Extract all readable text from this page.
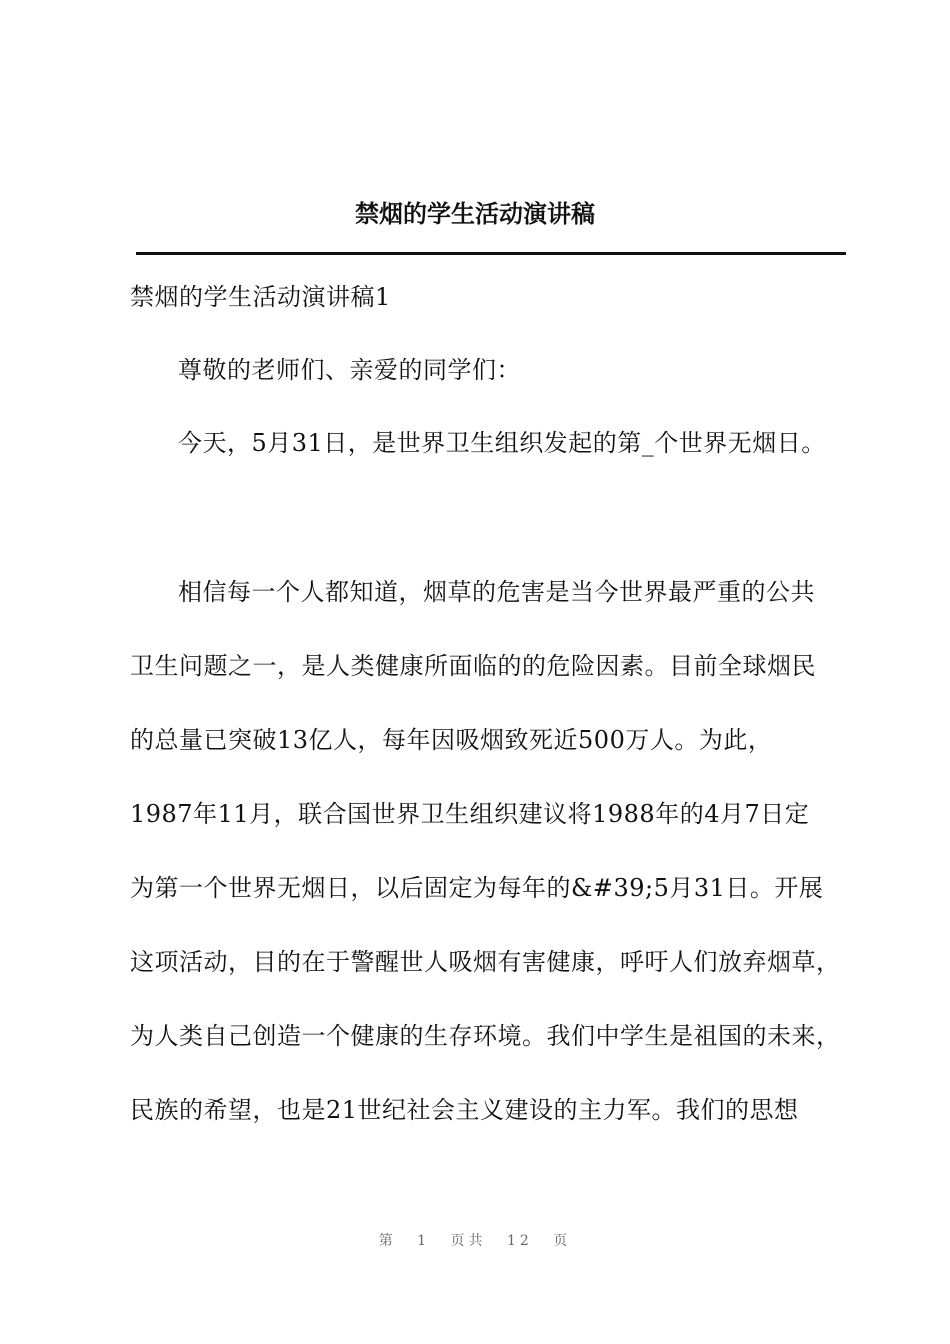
禁烟的学生活动演讲稿
禁烟的学生活动演讲稿1
尊敬的老师们、亲爱的同学们：
今天，5月31日，是世界卫生组织发起的第_个世界无烟日。
相信每一个人都知道，烟草的危害是当今世界最严重的公共
卫生问题之一，是人类健康所面临的的危险因素。目前全球烟民
的总量已突破13亿人，每年因吸烟致死近500万人。为此，
1987年11月，联合国世界卫生组织建议将1988年的4月7日定
为第一个世界无烟日，以后固定为每年的&#39;5月31日。开展
这项活动，目的在于警醒世人吸烟有害健康，呼吁人们放弃烟草，
为人类自己创造一个健康的生存环境。我们中学生是祖国的未来，
民族的希望，也是21世纪社会主义建设的主力军。我们的思想
第 1 页共 12 页
